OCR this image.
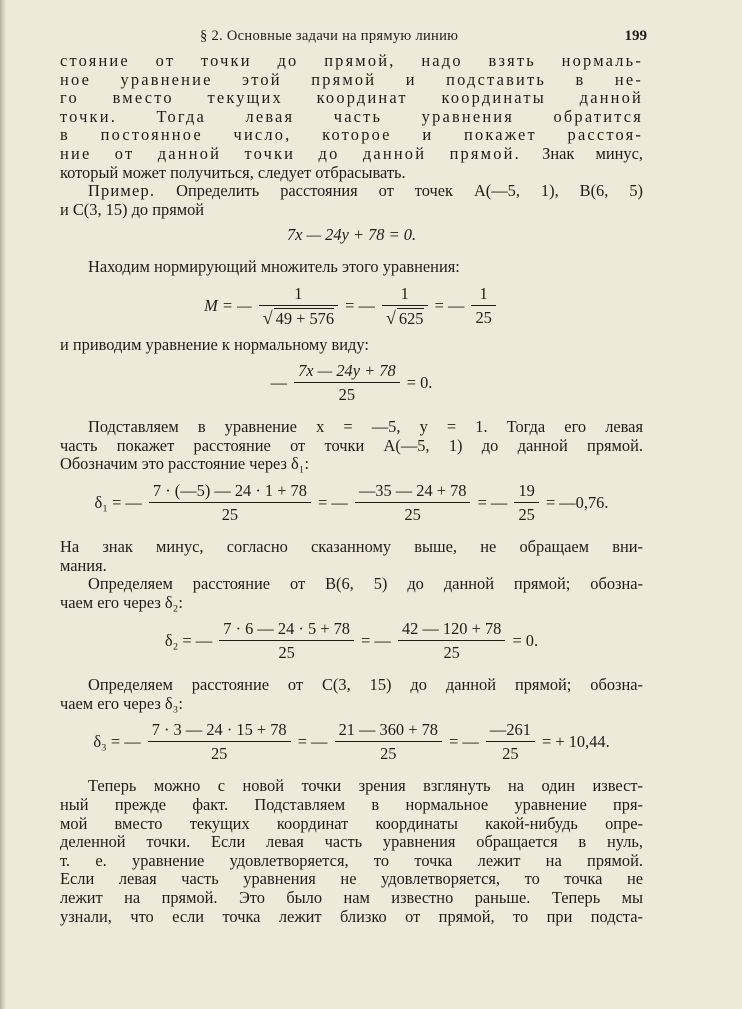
§ 2. Основные задачи на прямую линию	199

стояние от точки до прямой, надо взять нормаль-

ное уравнение этой прямой и подставить в не-

го вместо текущих координат координаты данной

точки. Тогда левая часть уравнения обратится

в постоянное число, которое и покажет расстоя-

ние от данной точки до данной прямой. Знак минус,

который может получиться, следует отбрасывать.

Пример. Определить расстояния от точек A(—5, 1), B(6, 5)

и C(3, 15) до прямой

7x — 24y + 78 = 0.

Находим нормирующий множитель этого уравнения:

M = — $\frac{1}{√ 49 + 576}$ = — $\frac{1}{√ 625}$ = — $\frac{1}{25}$

и приводим уравнение к нормальному виду:

— $\frac{7x — 24y + 78}{25} = 0$.

Подставляем в уравнение x = —5, y = 1. Тогда его левая

часть покажет расстояние от точки A(—5, 1) до данной прямой.

Обозначим это расстояние через δ₁:

δ₁ = — $\frac{7 \cdot (—5) — 24 \cdot 1 + 78}{25}$ = — $\frac{—35 — 24 + 78}{25}$ = — $\frac{19}{25}$ = —0,76.

На знак минус, согласно сказанному выше, не обращаем вни-

мания.

Определяем расстояние от B(6, 5) до данной прямой; обозна-

чаем его через δ₂:

δ₂ = — $\frac{7 \cdot 6 — 24 \cdot 5 + 78}{25}$ = — $\frac{42 — 120 + 78}{25} = 0$.

Определяем расстояние от C(3, 15) до данной прямой; обозна-

чаем его через δ₃:

δ₃ = — $\frac{7 \cdot 3 — 24 \cdot 15 + 78}{25}$ = — $\frac{21 — 360 + 78}{25}$ = — $\frac{—261}{25}$ = + 10,44.

Теперь можно с новой точки зрения взглянуть на один извест-

ный прежде факт. Подставляем в нормальное уравнение пря-

мой вместо текущих координат координаты какой-нибудь опре-

деленной точки. Если левая часть уравнения обращается в нуль,

т. е. уравнение удовлетворяется, то точка лежит на прямой.

Если левая часть уравнения не удовлетворяется, то точка не

лежит на прямой. Это было нам известно раньше. Теперь мы

узнали, что если точка лежит близко от прямой, то при подста-
